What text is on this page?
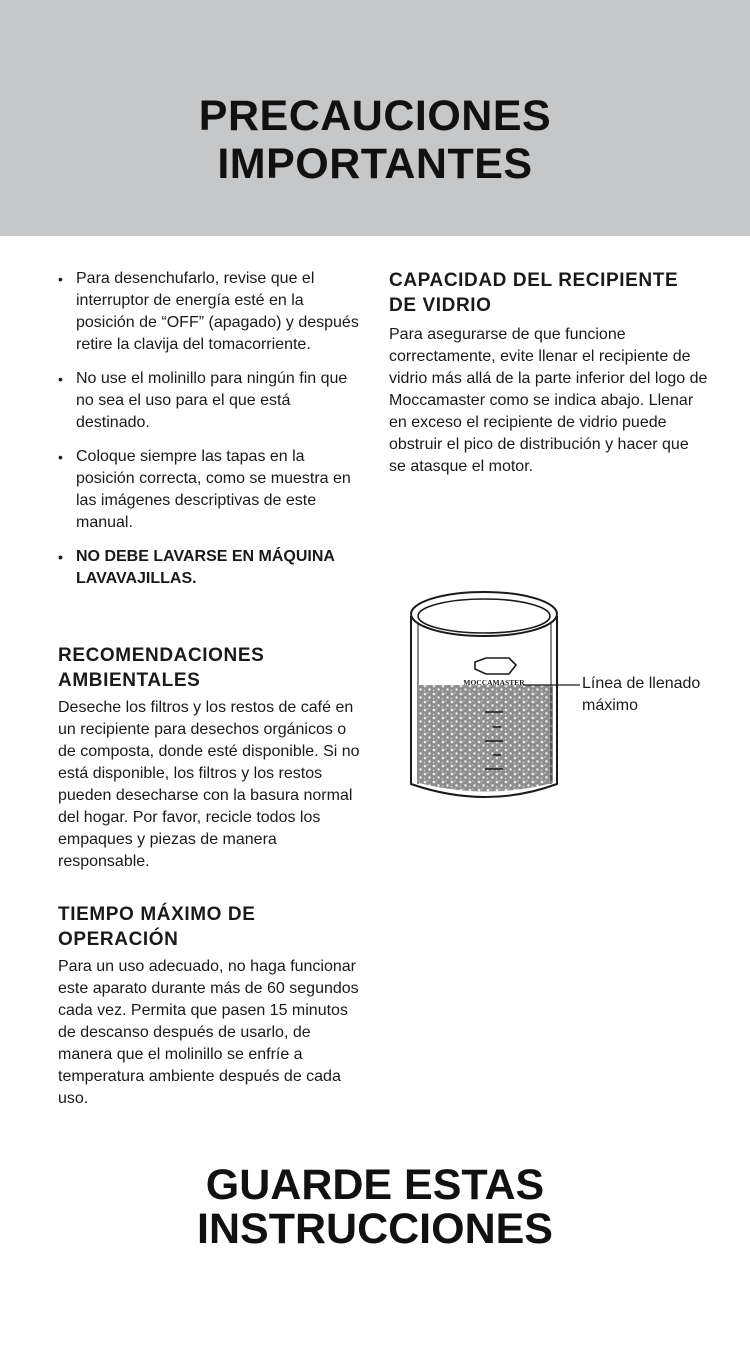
PRECAUCIONES
IMPORTANTES
• Para desenchufarlo, revise que el interruptor de energía esté en la posición de “OFF” (apagado) y después retire la clavija del tomacorriente.
• No use el molinillo para ningún fin que no sea el uso para el que está destinado.
• Coloque siempre las tapas en la posición correcta, como se muestra en las imágenes descriptivas de este manual.
• NO DEBE LAVARSE EN MÁQUINA LAVAVAJILLAS.
RECOMENDACIONES AMBIENTALES

Deseche los filtros y los restos de café en un recipiente para desechos orgánicos o de composta, donde esté disponible. Si no está disponible, los filtros y los restos pueden desecharse con la basura normal del hogar. Por favor, recicle todos los empaques y piezas de manera responsable.

TIEMPO MÁXIMO DE OPERACIÓN

Para un uso adecuado, no haga funcionar este aparato durante más de 60 segundos cada vez. Permita que pasen 15 minutos de descanso después de usarlo, de manera que el molinillo se enfríe a temperatura ambiente después de cada uso.

CAPACIDAD DEL RECIPIENTE DE VIDRIO

Para asegurarse de que funcione correctamente, evite llenar el recipiente de vidrio más allá de la parte inferior del logo de Moccamaster como se indica abajo. Llenar en exceso el recipiente de vidrio puede obstruir el pico de distribución y hacer que se atasque el motor.

MOCCAMASTER	Línea de llenado máximo
GUARDE ESTAS
INSTRUCCIONES
